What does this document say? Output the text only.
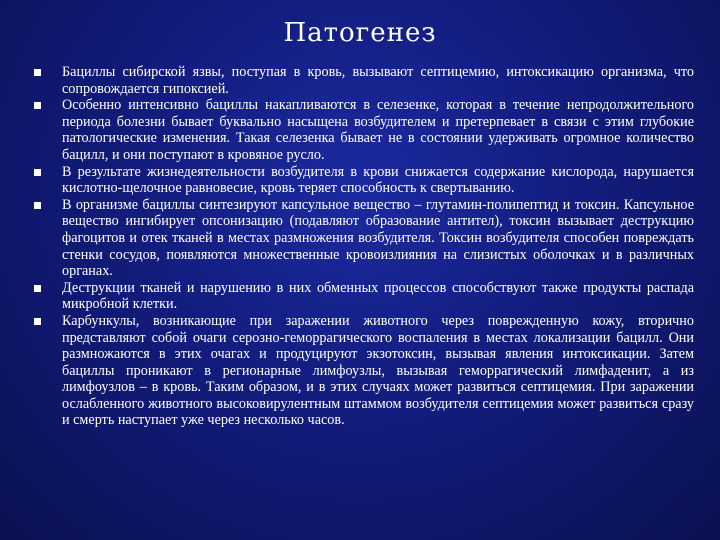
Патогенез
Бациллы сибирской язвы, поступая в кровь, вызывают септицемию, интоксикацию организма, что сопровождается гипоксией.
Особенно интенсивно бациллы накапливаются в селезенке, которая в течение непродолжительного периода болезни бывает буквально насыщена возбудителем и претерпевает в связи с этим глубокие патологические изменения. Такая селезенка бывает не в состоянии удерживать огромное количество бацилл, и они поступают в кровяное русло.
В результате жизнедеятельности возбудителя в крови снижается содержание кислорода, нарушается кислотно-щелочное равновесие, кровь теряет способность к свертыванию.
В организме бациллы синтезируют капсульное вещество – глутамин-полипептид и токсин. Капсульное вещество ингибирует опсонизацию (подавляют образование антител), токсин вызывает деструкцию фагоцитов и отек тканей в местах размножения возбудителя. Токсин возбудителя способен повреждать стенки сосудов, появляются множественные кровоизлияния на слизистых оболочках и в различных органах.
Деструкции тканей и нарушению в них обменных процессов способствуют также продукты распада микробной клетки.
Карбункулы, возникающие при заражении животного через поврежденную кожу, вторично представляют собой очаги серозно-геморрагического воспаления в местах локализации бацилл. Они размножаются в этих очагах и продуцируют экзотоксин, вызывая явления интоксикации. Затем бациллы проникают в регионарные лимфоузлы, вызывая геморрагический лимфаденит, а из лимфоузлов – в кровь. Таким образом, и в этих случаях может развиться септицемия. При заражении ослабленного животного высоковирулентным штаммом возбудителя септицемия может развиться сразу и смерть наступает уже через несколько часов.
